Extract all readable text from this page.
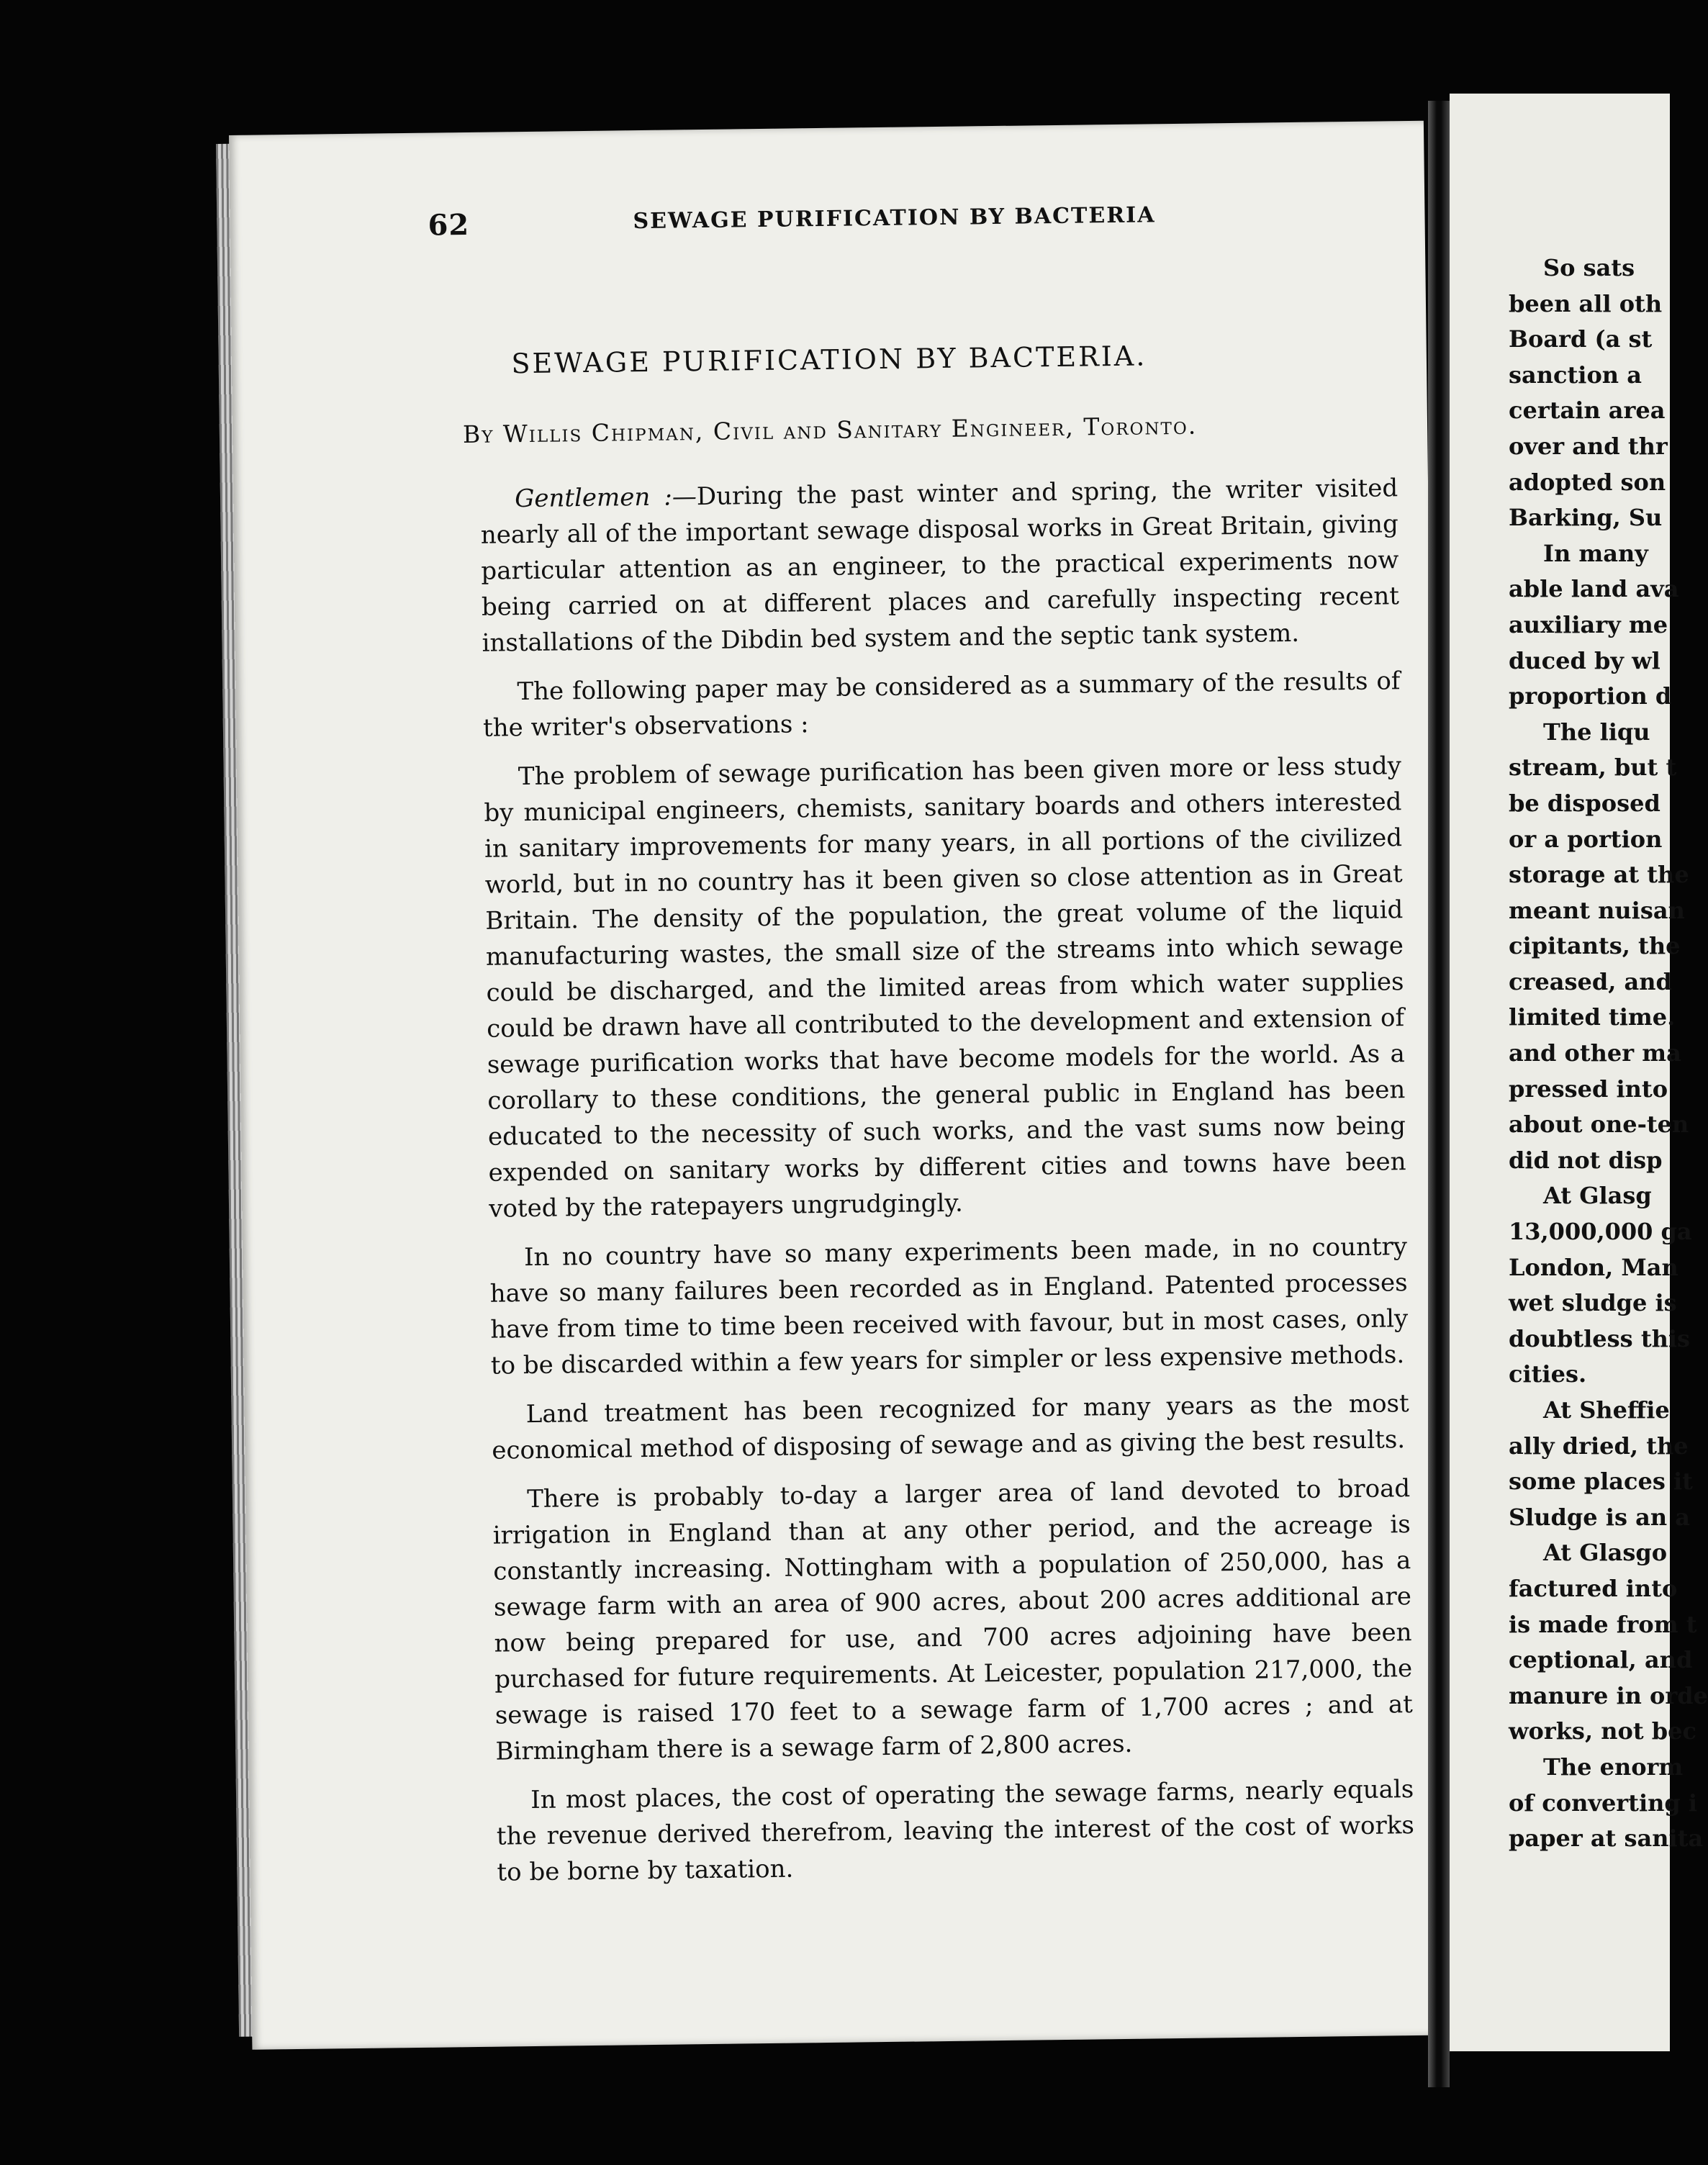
62	SEWAGE PURIFICATION BY BACTERIA
SEWAGE PURIFICATION BY BACTERIA.
By Willis Chipman, Civil and Sanitary Engineer, Toronto.

Gentlemen :—During the past winter and spring, the writer visited nearly all of the important sewage disposal works in Great Britain, giving particular attention as an engineer, to the practical experiments now being carried on at different places and carefully inspecting recent installations of the Dibdin bed system and the septic tank system.

The following paper may be considered as a summary of the results of the writer's observations :

The problem of sewage purification has been given more or less study by municipal engineers, chemists, sanitary boards and others interested in sanitary improvements for many years, in all portions of the civilized world, but in no country has it been given so close attention as in Great Britain. The density of the population, the great volume of the liquid manufacturing wastes, the small size of the streams into which sewage could be discharged, and the limited areas from which water supplies could be drawn have all contributed to the development and extension of sewage purification works that have become models for the world. As a corollary to these conditions, the general public in England has been educated to the necessity of such works, and the vast sums now being expended on sanitary works by different cities and towns have been voted by the ratepayers ungrudgingly.

In no country have so many experiments been made, in no country have so many failures been recorded as in England. Patented processes have from time to time been received with favour, but in most cases, only to be discarded within a few years for simpler or less expensive methods.

Land treatment has been recognized for many years as the most economical method of disposing of sewage and as giving the best results.

There is probably to-day a larger area of land devoted to broad irrigation in England than at any other period, and the acreage is constantly increasing. Nottingham with a population of 250,000, has a sewage farm with an area of 900 acres, about 200 acres additional are now being prepared for use, and 700 acres adjoining have been purchased for future requirements. At Leicester, population 217,000, the sewage is raised 170 feet to a sewage farm of 1,700 acres ; and at Birmingham there is a sewage farm of 2,800 acres.

In most places, the cost of operating the sewage farms, nearly equals the revenue derived therefrom, leaving the interest of the cost of works to be borne by taxation.

So sats
been all oth
Board (a st
sanction a
certain area
over and thr
adopted son
Barking, Su
In many
able land ava
auxiliary me
duced by wl
proportion d
The liqu
stream, but t
be disposed
or a portion
storage at the
meant nuisan
cipitants, the
creased, and
limited time.
and other ma
pressed into
about one-ten
did not disp
At Glasg
13,000,000 ga
London, Man
wet sludge is
doubtless this
cities.
At Sheffie
ally dried, the
some places it
Sludge is an a
At Glasgo
factured into
is made from t
ceptional, and
manure in orde
works, not bec
The enorm
of converting i
paper at sanita
